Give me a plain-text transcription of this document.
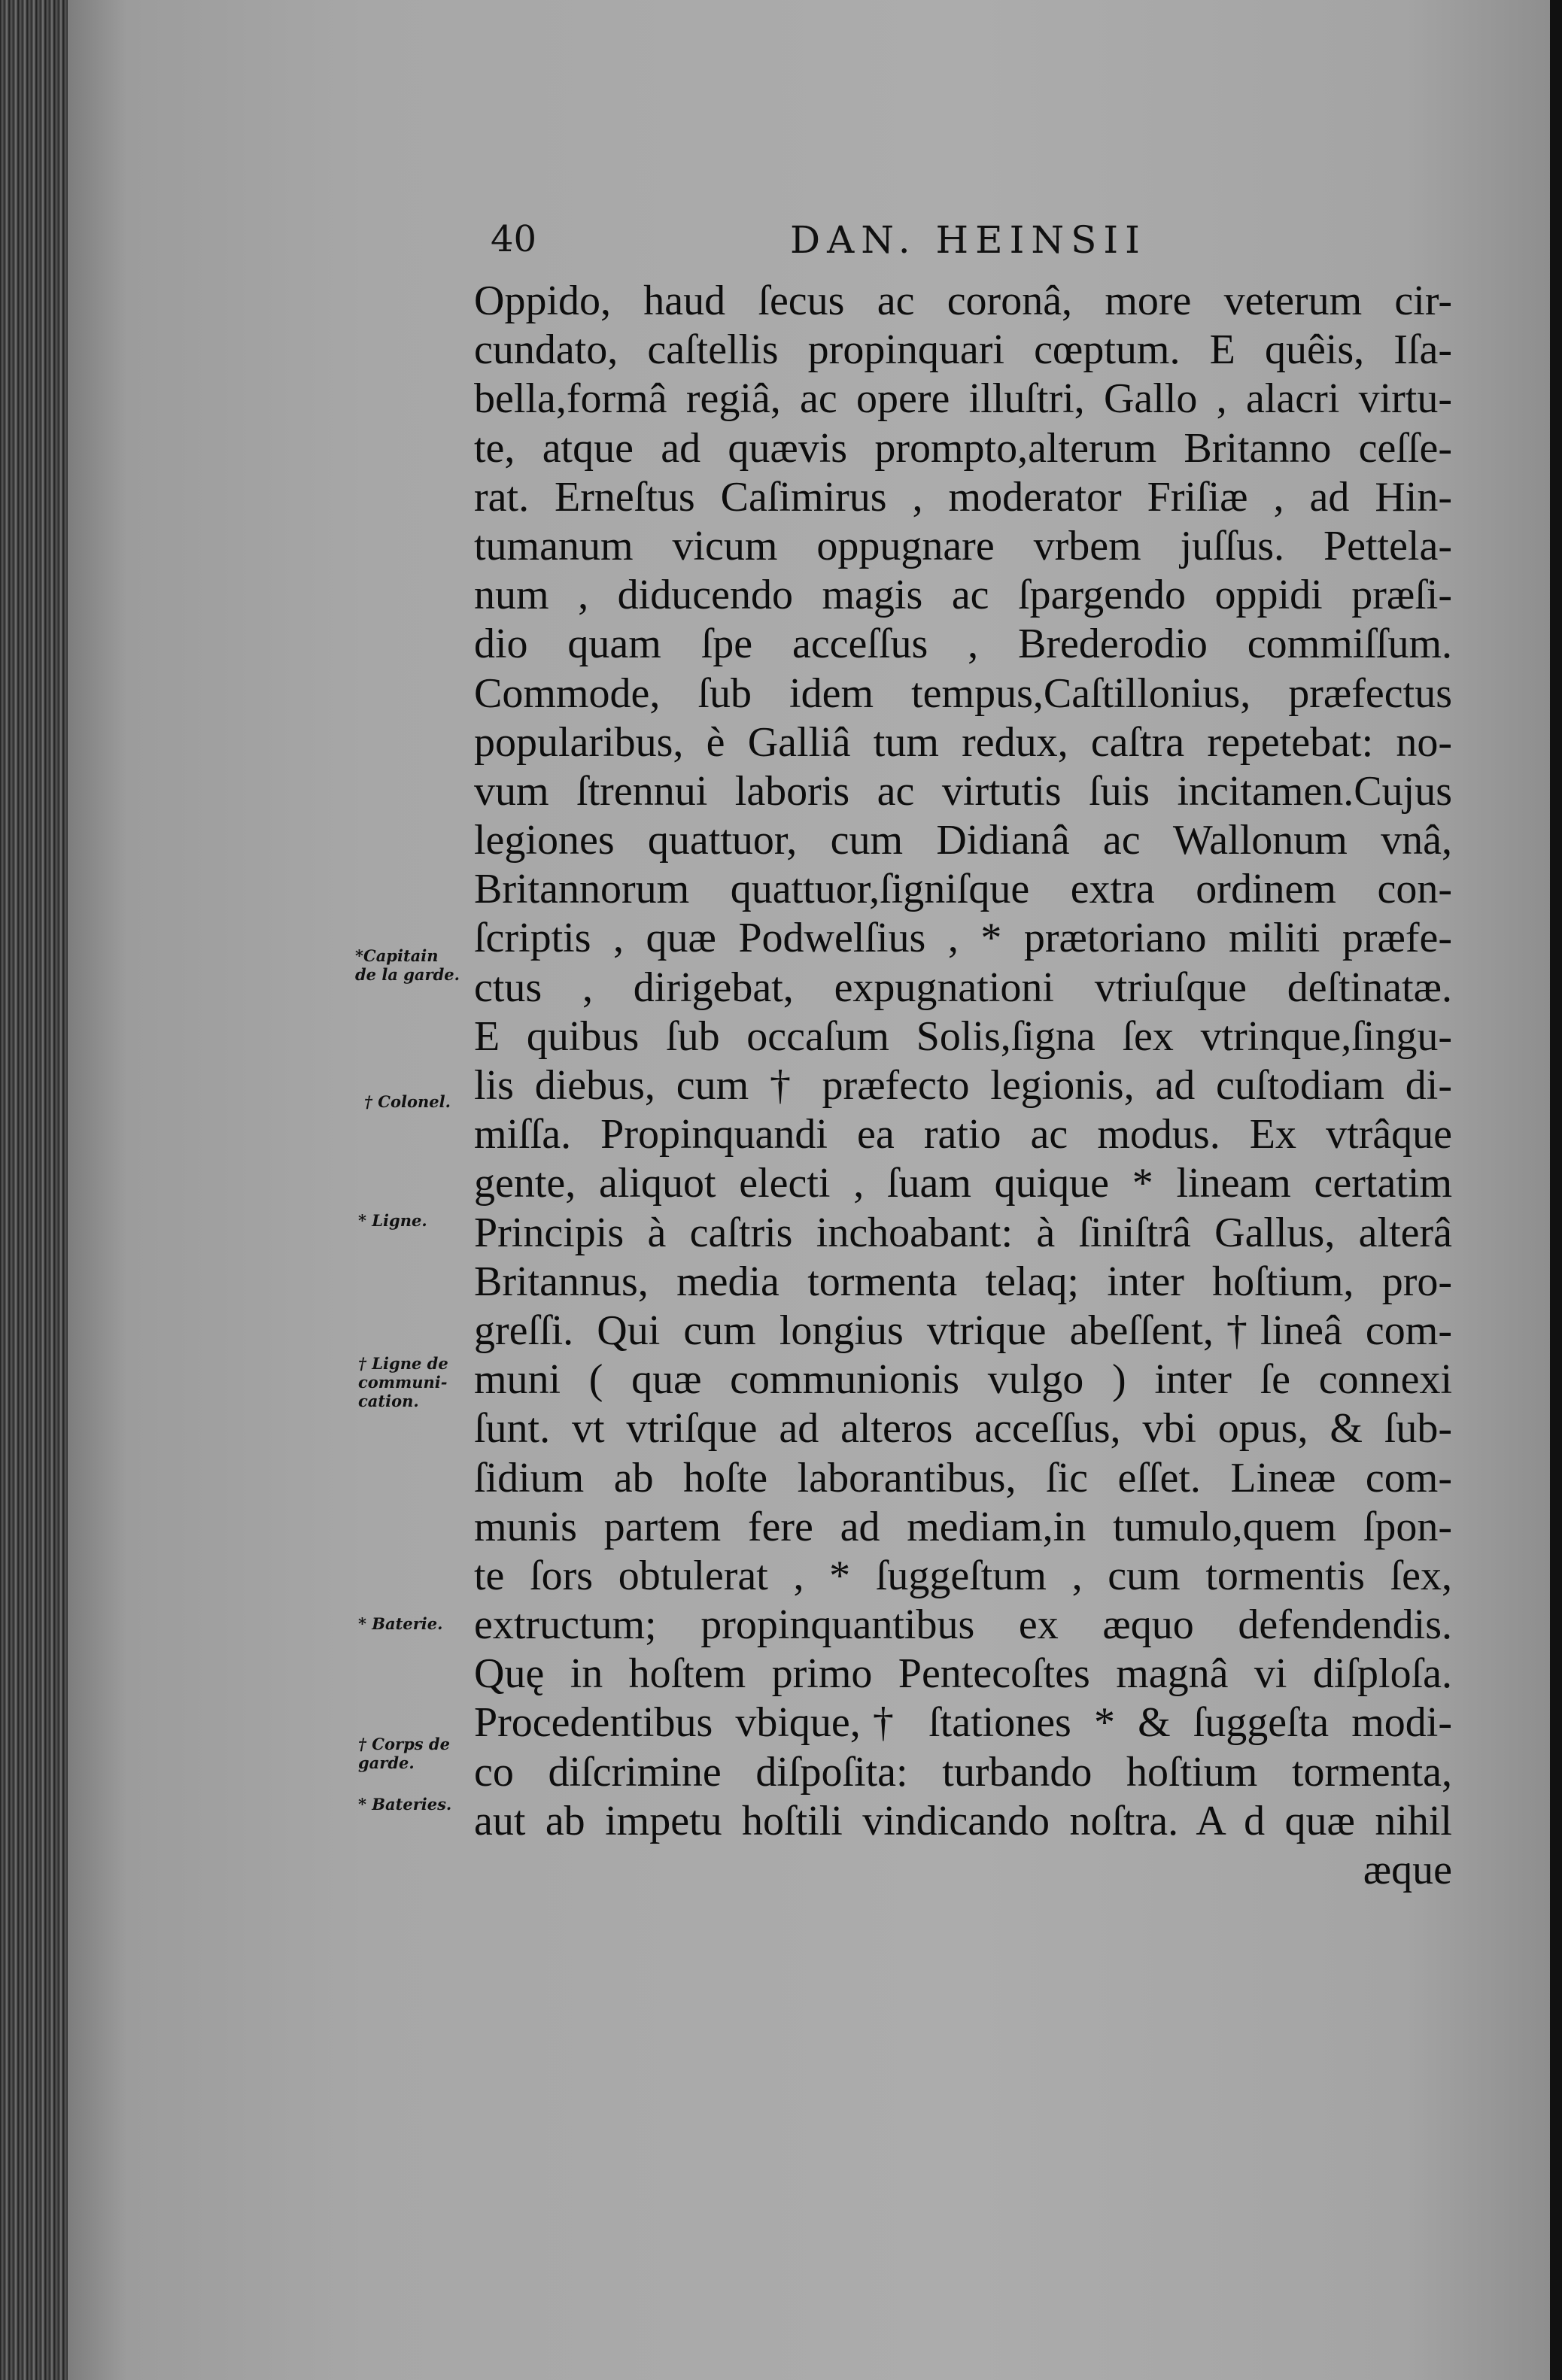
40	DAN. HEINSII
Oppido, haud ſecus ac coronâ, more veterum cir-
cundato, caſtellis propinquari cœptum. E quêis, Iſa-
bella,formâ regiâ, ac opere illuſtri, Gallo , alacri virtu-
te, atque ad quævis prompto,alterum Britanno ceſſe-
rat. Erneſtus Caſimirus , moderator Friſiæ , ad Hin-
tumanum vicum oppugnare vrbem juſſus. Pettela-
num , diducendo magis ac ſpargendo oppidi præſi-
dio quam ſpe acceſſus , Brederodio commiſſum.
Commode, ſub idem tempus,Caſtillonius, præfectus
popularibus, è Galliâ tum redux, caſtra repetebat: no-
vum ſtrennui laboris ac virtutis ſuis incitamen.Cujus
legiones quattuor, cum Didianâ ac Wallonum vnâ,
Britannorum quattuor,ſigniſque extra ordinem con-
ſcriptis , quæ Podwelſius , * prætoriano militi præfe-
ctus , dirigebat, expugnationi vtriuſque deſtinatæ.
E quibus ſub occaſum Solis,ſigna ſex vtrinque,ſingu-
lis diebus, cum † præfecto legionis, ad cuſtodiam di-
miſſa. Propinquandi ea ratio ac modus. Ex vtrâque
gente, aliquot electi , ſuam quique * lineam certatim
Principis à caſtris inchoabant: à ſiniſtrâ Gallus, alterâ
Britannus, media tormenta telaq; inter hoſtium, pro-
greſſi. Qui cum longius vtrique abeſſent,†lineâ com-
muni ( quæ communionis vulgo ) inter ſe connexi
ſunt. vt vtriſque ad alteros acceſſus, vbi opus, & ſub-
ſidium ab hoſte laborantibus, ſic eſſet. Lineæ com-
munis partem fere ad mediam,in tumulo,quem ſpon-
te ſors obtulerat , * ſuggeſtum , cum tormentis ſex,
extructum; propinquantibus ex æquo defendendis.
Quę in hoſtem primo Pentecoſtes magnâ vi diſploſa.
Procedentibus vbique,† ſtationes * & ſuggeſta modi-
co diſcrimine diſpoſita: turbando hoſtium tormenta,
aut ab impetu hoſtili vindicando noſtra. A d quæ nihil
æque
*Capitain
de la garde.
† Colonel.
* Ligne.
† Ligne de
communi-
cation.
* Baterie.
† Corps de
garde.
* Bateries.
